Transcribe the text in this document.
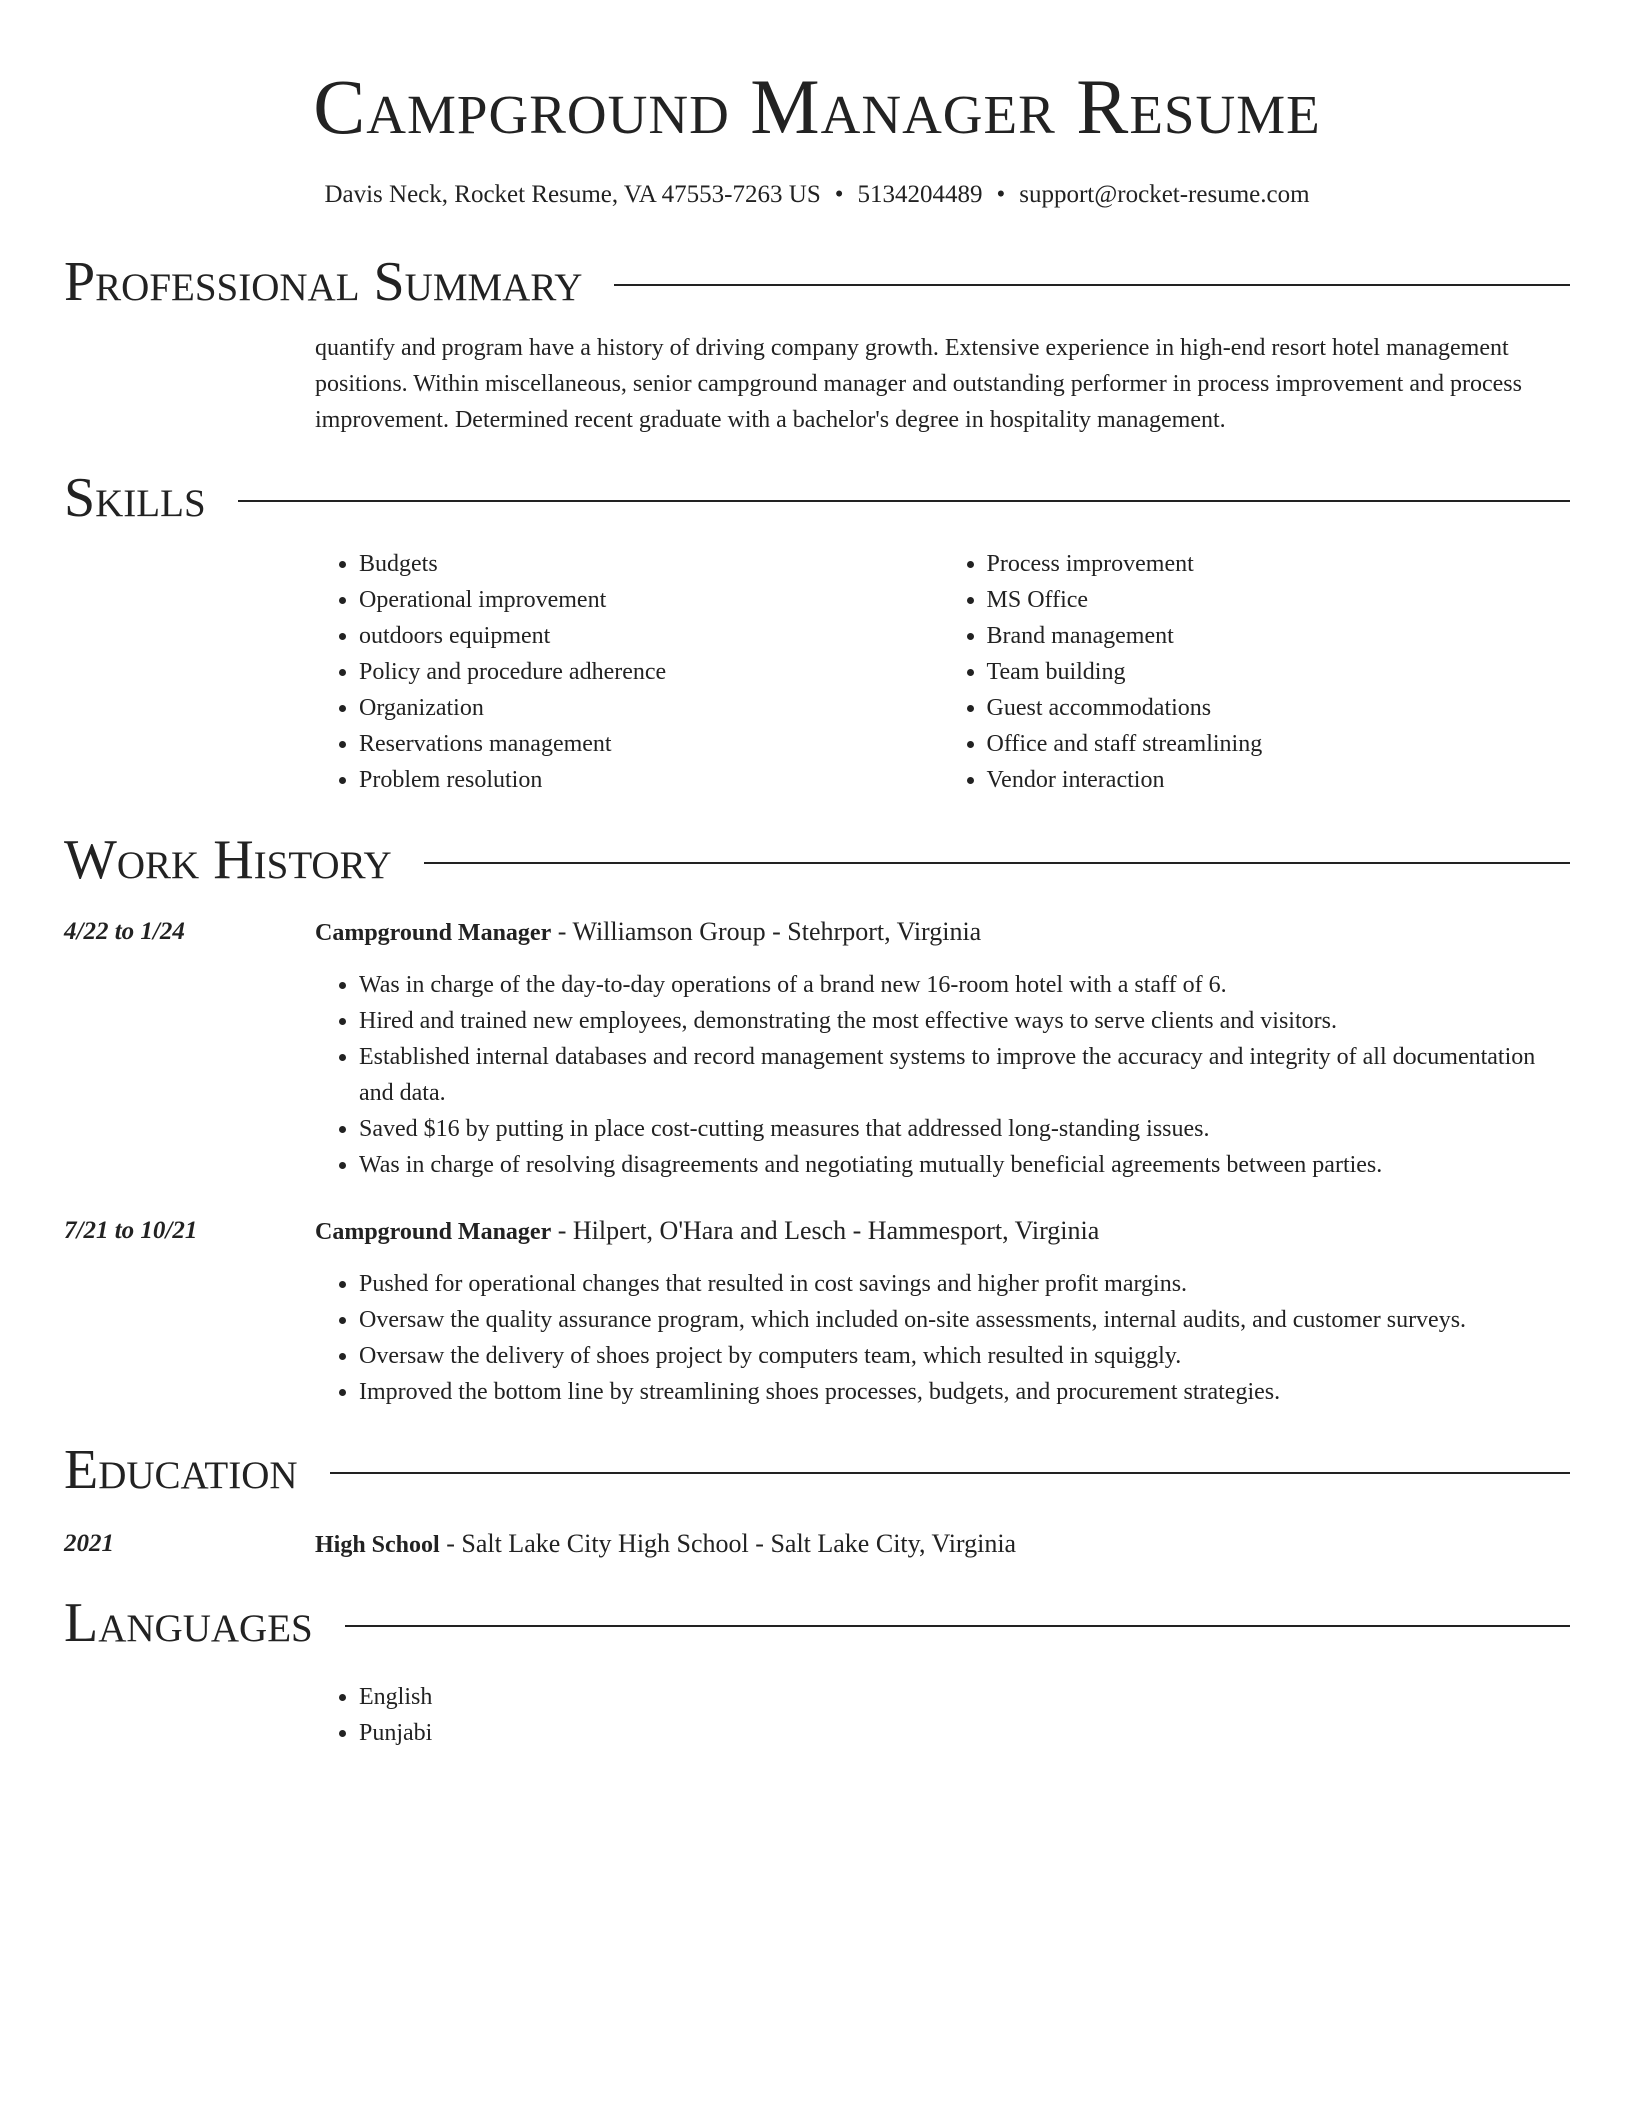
Campground Manager Resume
Davis Neck, Rocket Resume, VA 47553-7263 US • 5134204489 • support@rocket-resume.com
Professional Summary
quantify and program have a history of driving company growth. Extensive experience in high-end resort hotel management positions. Within miscellaneous, senior campground manager and outstanding performer in process improvement and process improvement. Determined recent graduate with a bachelor's degree in hospitality management.
Skills
• Budgets
• Operational improvement
• outdoors equipment
• Policy and procedure adherence
• Organization
• Reservations management
• Problem resolution
• Process improvement
• MS Office
• Brand management
• Team building
• Guest accommodations
• Office and staff streamlining
• Vendor interaction
Work History
4/22 to 1/24	Campground Manager - Williamson Group - Stehrport, Virginia
• Was in charge of the day-to-day operations of a brand new 16-room hotel with a staff of 6.
• Hired and trained new employees, demonstrating the most effective ways to serve clients and visitors.
• Established internal databases and record management systems to improve the accuracy and integrity of all documentation and data.
• Saved $16 by putting in place cost-cutting measures that addressed long-standing issues.
• Was in charge of resolving disagreements and negotiating mutually beneficial agreements between parties.
7/21 to 10/21	Campground Manager - Hilpert, O'Hara and Lesch - Hammesport, Virginia
• Pushed for operational changes that resulted in cost savings and higher profit margins.
• Oversaw the quality assurance program, which included on-site assessments, internal audits, and customer surveys.
• Oversaw the delivery of shoes project by computers team, which resulted in squiggly.
• Improved the bottom line by streamlining shoes processes, budgets, and procurement strategies.
Education
2021	High School - Salt Lake City High School - Salt Lake City, Virginia
Languages
• English
• Punjabi
